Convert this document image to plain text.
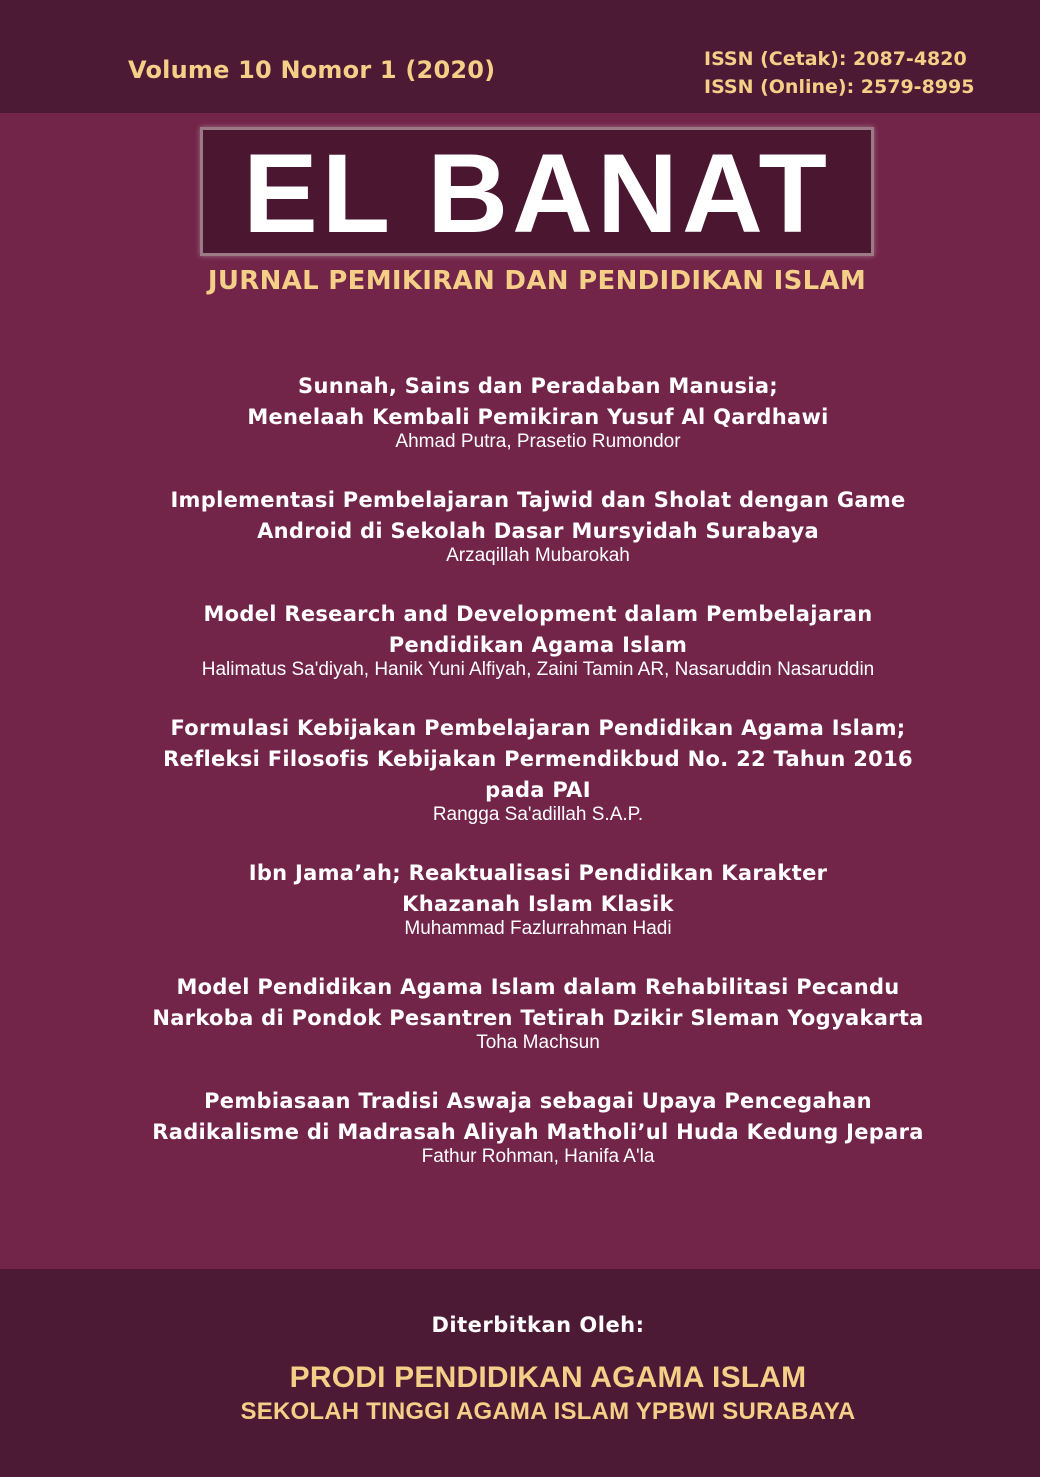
Volume 10 Nomor 1 (2020)	ISSN (Cetak): 2087-4820
ISSN (Online): 2579-8995
EL BANAT
JURNAL PEMIKIRAN DAN PENDIDIKAN ISLAM
Sunnah, Sains dan Peradaban Manusia;
Menelaah Kembali Pemikiran Yusuf Al Qardhawi
Ahmad Putra, Prasetio Rumondor
Implementasi Pembelajaran Tajwid dan Sholat dengan Game
Android di Sekolah Dasar Mursyidah Surabaya
Arzaqillah Mubarokah
Model Research and Development dalam Pembelajaran
Pendidikan Agama Islam
Halimatus Sa'diyah, Hanik Yuni Alfiyah, Zaini Tamin AR, Nasaruddin Nasaruddin
Formulasi Kebijakan Pembelajaran Pendidikan Agama Islam;
Refleksi Filosofis Kebijakan Permendikbud No. 22 Tahun 2016
pada PAI
Rangga Sa'adillah S.A.P.
Ibn Jama’ah; Reaktualisasi Pendidikan Karakter
Khazanah Islam Klasik
Muhammad Fazlurrahman Hadi
Model Pendidikan Agama Islam dalam Rehabilitasi Pecandu
Narkoba di Pondok Pesantren Tetirah Dzikir Sleman Yogyakarta
Toha Machsun
Pembiasaan Tradisi Aswaja sebagai Upaya Pencegahan
Radikalisme di Madrasah Aliyah Matholi’ul Huda Kedung Jepara
Fathur Rohman, Hanifa A'la
Diterbitkan Oleh:
PRODI PENDIDIKAN AGAMA ISLAM
SEKOLAH TINGGI AGAMA ISLAM YPBWI SURABAYA
